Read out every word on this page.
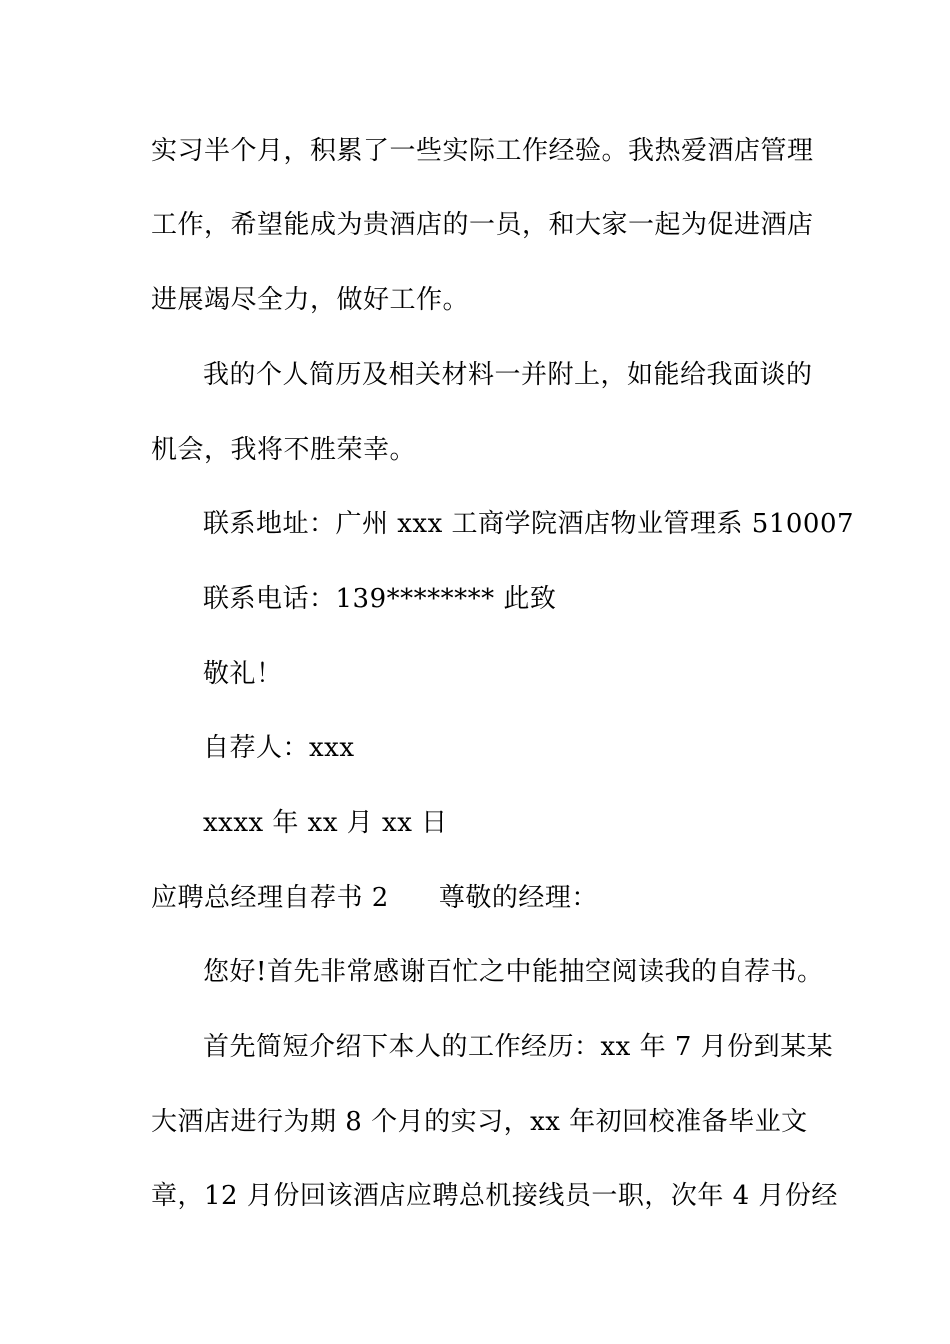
实习半个月，积累了一些实际工作经验。我热爱酒店管理
工作，希望能成为贵酒店的一员，和大家一起为促进酒店
进展竭尽全力，做好工作。
我的个人简历及相关材料一并附上，如能给我面谈的
机会，我将不胜荣幸。
联系地址：广州 xxx 工商学院酒店物业管理系 510007
联系电话：139******** 此致
敬礼！
自荐人：xxx
xxxx 年 xx 月 xx 日
应聘总经理自荐书 2 尊敬的经理：
您好!首先非常感谢百忙之中能抽空阅读我的自荐书。
首先简短介绍下本人的工作经历：xx 年 7 月份到某某
大酒店进行为期 8 个月的实习，xx 年初回校准备毕业文
章，12 月份回该酒店应聘总机接线员一职，次年 4 月份经
